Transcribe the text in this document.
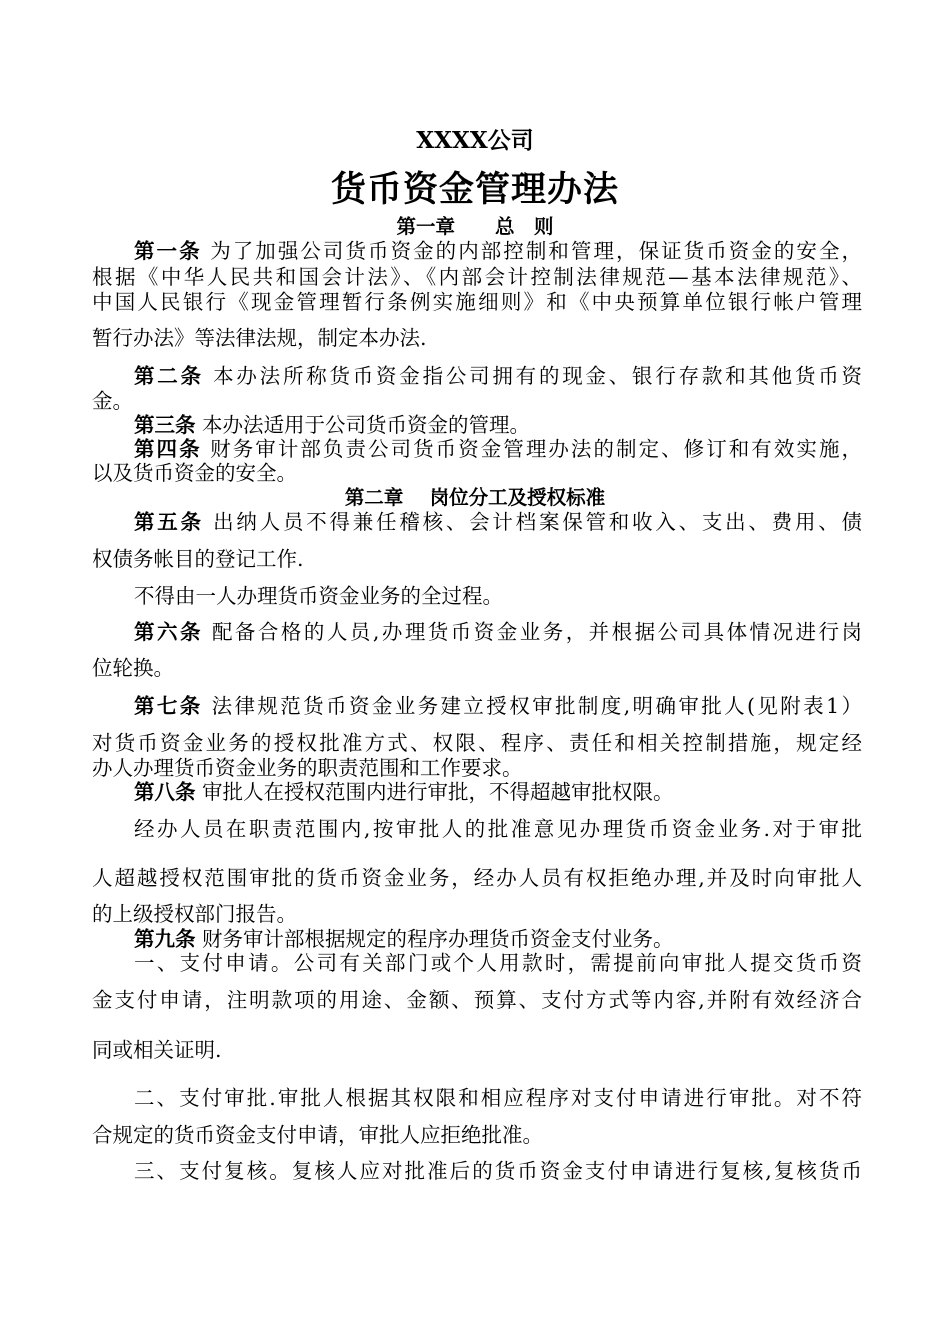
XXXX公司
货币资金管理办法
第一章 总　则
第一条 为了加强公司货币资金的内部控制和管理，保证货币资金的安全，
根据《中华人民共和国会计法》、《内部会计控制法律规范—基本法律规范》、
中国人民银行《现金管理暂行条例实施细则》和《中央预算单位银行帐户管理
暂行办法》等法律法规，制定本办法.
第二条 本办法所称货币资金指公司拥有的现金、银行存款和其他货币资
金。
第三条 本办法适用于公司货币资金的管理。
第四条 财务审计部负责公司货币资金管理办法的制定、修订和有效实施，
以及货币资金的安全。
第二章　 岗位分工及授权标准
第五条 出纳人员不得兼任稽核、会计档案保管和收入、支出、费用、债
权债务帐目的登记工作.
不得由一人办理货币资金业务的全过程。
第六条 配备合格的人员,办理货币资金业务，并根据公司具体情况进行岗
位轮换。
第七条 法律规范货币资金业务建立授权审批制度,明确审批人(见附表1）
对货币资金业务的授权批准方式、权限、程序、责任和相关控制措施，规定经
办人办理货币资金业务的职责范围和工作要求。
第八条 审批人在授权范围内进行审批，不得超越审批权限。
经办人员在职责范围内,按审批人的批准意见办理货币资金业务.对于审批
人超越授权范围审批的货币资金业务，经办人员有权拒绝办理,并及时向审批人
的上级授权部门报告。
第九条 财务审计部根据规定的程序办理货币资金支付业务。
一、支付申请。公司有关部门或个人用款时，需提前向审批人提交货币资
金支付申请，注明款项的用途、金额、预算、支付方式等内容,并附有效经济合
同或相关证明.
二、支付审批.审批人根据其权限和相应程序对支付申请进行审批。对不符
合规定的货币资金支付申请，审批人应拒绝批准。
三、支付复核。复核人应对批准后的货币资金支付申请进行复核,复核货币
